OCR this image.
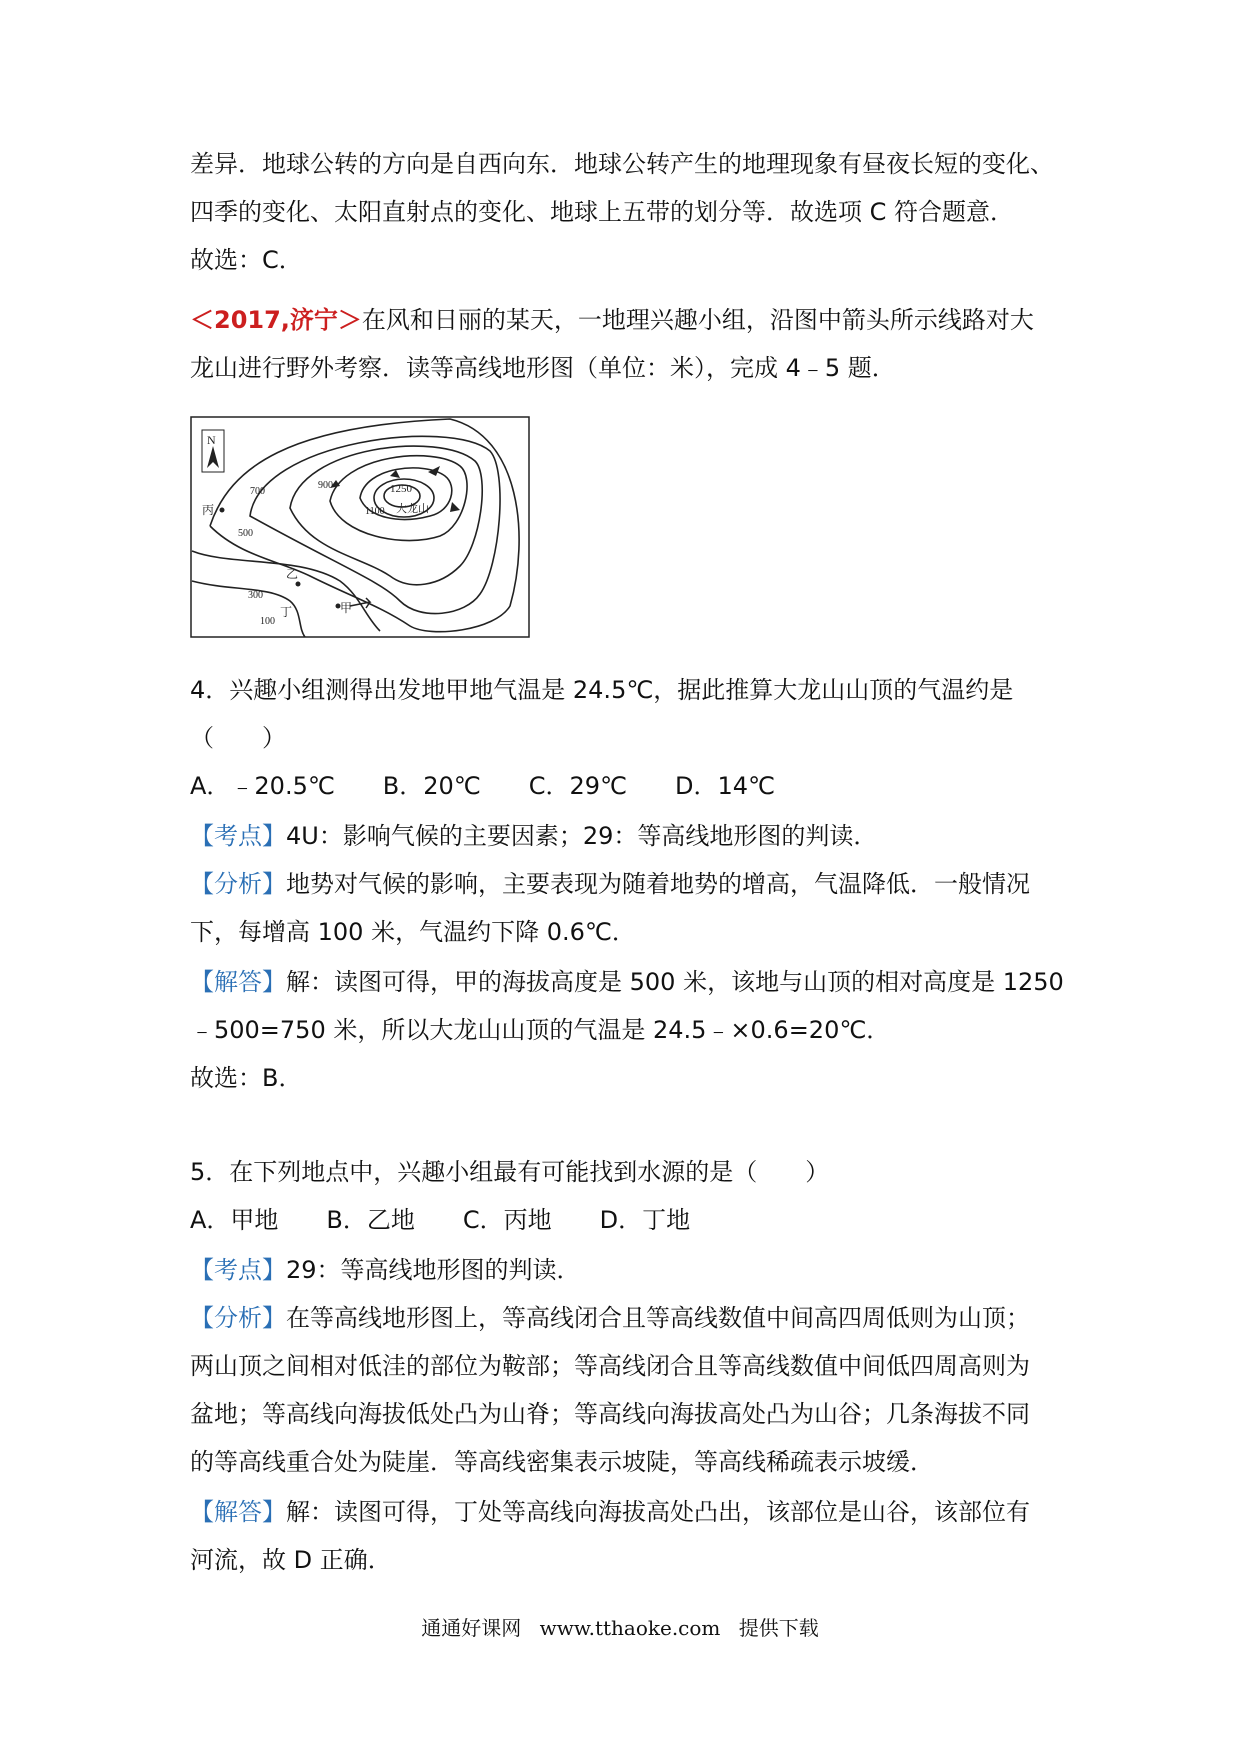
差异．地球公转的方向是自西向东．地球公转产生的地理现象有昼夜长短的变化、
四季的变化、太阳直射点的变化、地球上五带的划分等．故选项 C 符合题意．
故选：C．
＜2017,济宁＞在风和日丽的某天，一地理兴趣小组，沿图中箭头所示线路对大
龙山进行野外考察．读等高线地形图（单位：米），完成 4﹣5 题．
N
1250
1100
900
700
500
300
100
丙	大龙山
甲
乙
丁
4．兴趣小组测得出发地甲地气温是 24.5℃，据此推算大龙山山顶的气温约是
（　　）
A．﹣20.5℃　　B．20℃　　C．29℃　　D．14℃
【考点】4U：影响气候的主要因素；29：等高线地形图的判读．
【分析】地势对气候的影响，主要表现为随着地势的增高，气温降低．一般情况
下，每增高 100 米，气温约下降 0.6℃．
【解答】解：读图可得，甲的海拔高度是 500 米，该地与山顶的相对高度是 1250
﹣500=750 米，所以大龙山山顶的气温是 24.5﹣×0.6=20℃．
故选：B．
5．在下列地点中，兴趣小组最有可能找到水源的是（　　）
A．甲地　　B．乙地　　C．丙地　　D．丁地
【考点】29：等高线地形图的判读．
【分析】在等高线地形图上，等高线闭合且等高线数值中间高四周低则为山顶；
两山顶之间相对低洼的部位为鞍部；等高线闭合且等高线数值中间低四周高则为
盆地；等高线向海拔低处凸为山脊；等高线向海拔高处凸为山谷；几条海拔不同
的等高线重合处为陡崖．等高线密集表示坡陡，等高线稀疏表示坡缓．
【解答】解：读图可得，丁处等高线向海拔高处凸出，该部位是山谷，该部位有
河流，故 D 正确．
通通好课网 www.tthaoke.com 提供下载
